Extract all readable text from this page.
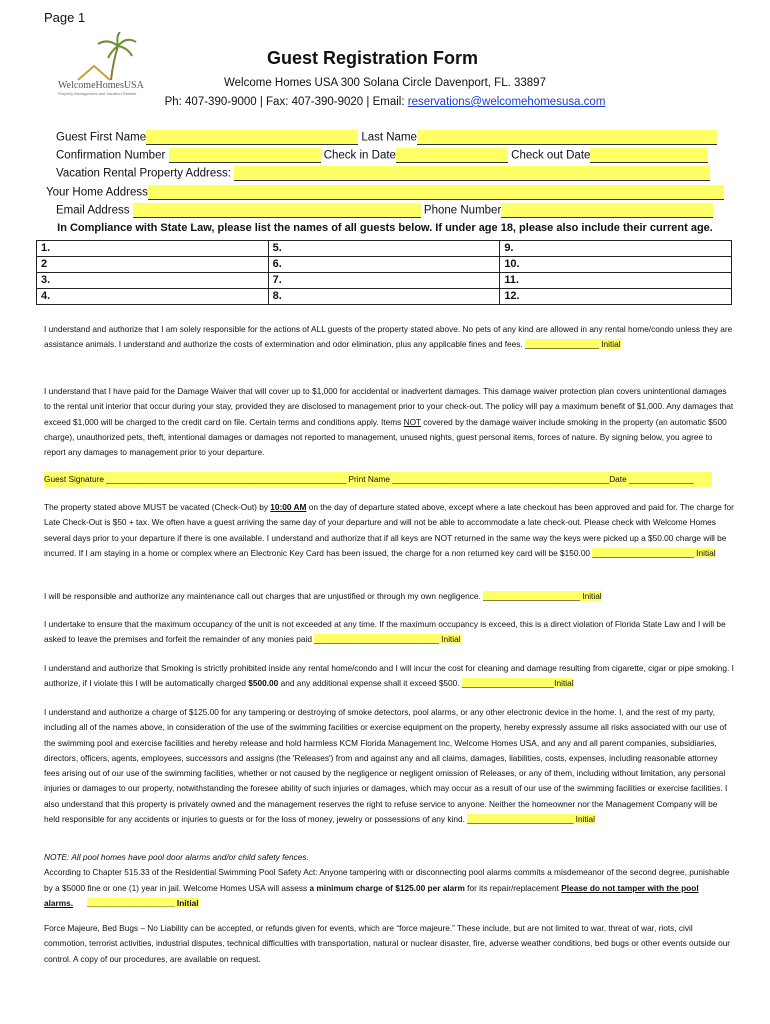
Page 1
WelcomeHomesUSA
Property Management and Vacation Rentals
Guest Registration Form
Welcome Homes USA 300 Solana Circle Davenport, FL. 33897
Ph: 407-390-9000 | Fax: 407-390-9020 | Email: reservations@welcomehomesusa.com
Guest First Name	Last Name
Confirmation Number	Check in Date	Check out Date
Vacation Rental Property Address:
Your Home Address
Email Address	Phone Number
In Compliance with State Law, please list the names of all guests below. If under age 18, please also include their current age.
1.	5.	9.
2	6.	10.
3.	7.	11.
4.	8.	12.
I understand and authorize that I am solely responsible for the actions of ALL guests of the property stated above. No pets of any kind are allowed in any rental home/condo unless they are assistance animals. I understand and authorize the costs of extermination and odor elimination, plus any applicable fines and fees. ________________ Initial
I understand that I have paid for the Damage Waiver that will cover up to $1,000 for accidental or inadvertent damages. This damage waiver protection plan covers unintentional damages to the rental unit interior that occur during your stay, provided they are disclosed to management prior to your check-out. The policy will pay a maximum benefit of $1,000. Any damages that exceed $1,000 will be charged to the credit card on file. Certain terms and conditions apply. Items NOT covered by the damage waiver include smoking in the property (an automatic $500 charge), unauthorized pets, theft, intentional damages or damages not reported to management, unused nights, guest personal items, forces of nature. By signing below, you agree to report any damages to management prior to your departure.
Guest Signature ____________________________________________________ Print Name _______________________________________________Date ______________
The property stated above MUST be vacated (Check-Out) by 10:00 AM on the day of departure stated above, except where a late checkout has been approved and paid for. The charge for Late Check-Out is $50 + tax. We often have a guest arriving the same day of your departure and will not be able to accommodate a late check-out. Please check with Welcome Homes several days prior to your departure if there is one available. I understand and authorize that if all keys are NOT returned in the same way the keys were picked up a $50.00 charge will be incurred. If I am staying in a home or complex where an Electronic Key Card has been issued, the charge for a non returned key card will be $150.00 ______________________ Initial
I will be responsible and authorize any maintenance call out charges that are unjustified or through my own negligence. _____________________ Initial
I undertake to ensure that the maximum occupancy of the unit is not exceeded at any time. If the maximum occupancy is exceed, this is a direct violation of Florida State Law and I will be asked to leave the premises and forfeit the remainder of any monies paid ___________________________ Initial
I understand and authorize that Smoking is strictly prohibited inside any rental home/condo and I will incur the cost for cleaning and damage resulting from cigarette, cigar or pipe smoking. I authorize, if I violate this I will be automatically charged $500.00 and any additional expense shall it exceed $500. ____________________Initial
I understand and authorize a charge of $125.00 for any tampering or destroying of smoke detectors, pool alarms, or any other electronic device in the home. I, and the rest of my party, including all of the names above, in consideration of the use of the swimming facilities or exercise equipment on the property, hereby expressly assume all risks associated with our use of the swimming pool and exercise facilities and hereby release and hold harmless KCM Florida Management Inc, Welcome Homes USA, and any and all parent companies, subsidiaries, directors, officers, agents, employees, successors and assigns (the 'Releases') from and against any and all claims, damages, liabilities, costs, expenses, including reasonable attorney fees arising out of our use of the swimming facilities, whether or not caused by the negligence or negligent omission of Releases, or any of them, including without limitation, any personal injuries or damages to our property, notwithstanding the foresee ability of such injuries or damages, which may occur as a result of our use of the swimming facilities or exercise facilities. I also understand that this property is privately owned and the management reserves the right to refuse service to anyone. Neither the homeowner nor the Management Company will be held responsible for any accidents or injuries to guests or for the loss of money, jewelry or possessions of any kind. _______________________ Initial
NOTE: All pool homes have pool door alarms and/or child safety fences.
According to Chapter 515.33 of the Residential Swimming Pool Safety Act: Anyone tampering with or disconnecting pool alarms commits a misdemeanor of the second degree, punishable by a $5000 fine or one (1) year in jail. Welcome Homes USA will assess a minimum charge of $125.00 per alarm for its repair/replacement Please do not tamper with the pool alarms. ___________________ Initial
Force Majeure, Bed Bugs – No Liability can be accepted, or refunds given for events, which are “force majeure.” These include, but are not limited to war, threat of war, riots, civil commotion, terrorist activities, industrial disputes, technical difficulties with transportation, natural or nuclear disaster, fire, adverse weather conditions, bed bugs or other events outside our control. A copy of our procedures, are available on request.
